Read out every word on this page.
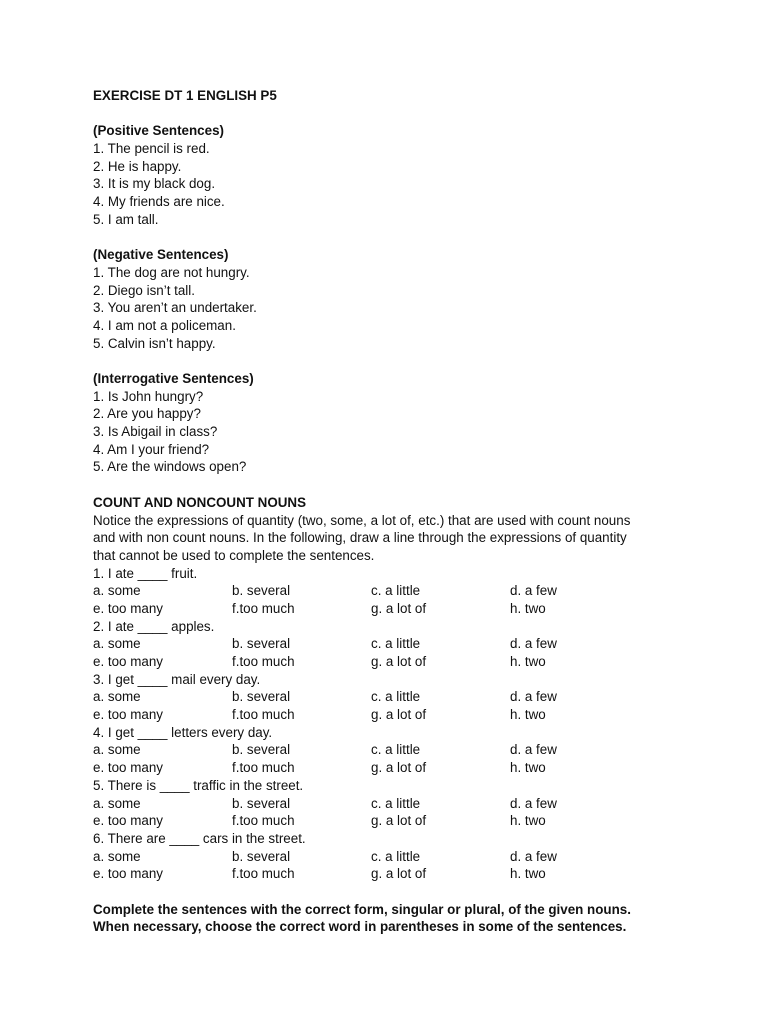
EXERCISE DT 1 ENGLISH P5
(Positive Sentences)
1. The pencil is red.
2. He is happy.
3. It is my black dog.
4. My friends are nice.
5. I am tall.
(Negative Sentences)
1. The dog are not hungry.
2. Diego isn’t tall.
3. You aren’t an undertaker.
4. I am not a policeman.
5. Calvin isn’t happy.
(Interrogative Sentences)
1. Is John hungry?
2. Are you happy?
3. Is Abigail in class?
4. Am I your friend?
5. Are the windows open?
COUNT AND NONCOUNT NOUNS
Notice the expressions of quantity (two, some, a lot of, etc.) that are used with count nouns
and with non count nouns. In the following, draw a line through the expressions of quantity
that cannot be used to complete the sentences.
1. I ate ____ fruit.
a. some	b. several	c. a little	d. a few
e. too many	f.too much	g. a lot of	h. two
2. I ate ____ apples.
a. some	b. several	c. a little	d. a few
e. too many	f.too much	g. a lot of	h. two
3. I get ____ mail every day.
a. some	b. several	c. a little	d. a few
e. too many	f.too much	g. a lot of	h. two
4. I get ____ letters every day.
a. some	b. several	c. a little	d. a few
e. too many	f.too much	g. a lot of	h. two
5. There is ____ traffic in the street.
a. some	b. several	c. a little	d. a few
e. too many	f.too much	g. a lot of	h. two
6. There are ____ cars in the street.
a. some	b. several	c. a little	d. a few
e. too many	f.too much	g. a lot of	h. two
Complete the sentences with the correct form, singular or plural, of the given nouns.
When necessary, choose the correct word in parentheses in some of the sentences.
